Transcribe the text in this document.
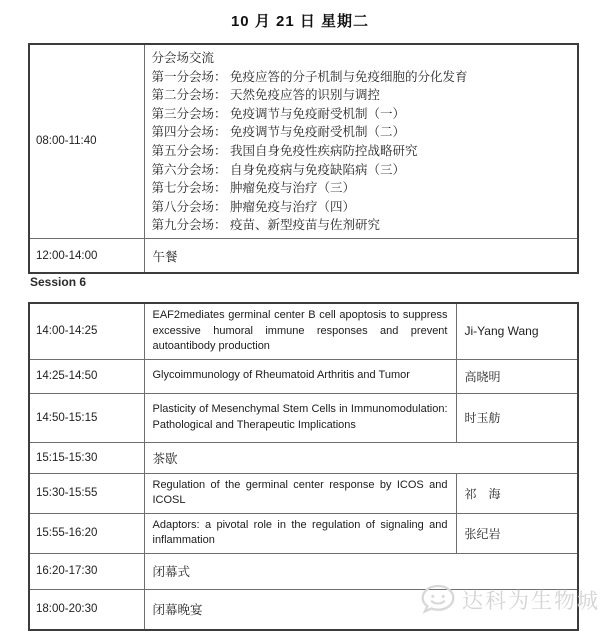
10 月 21 日 星期二
08:00-11:40	
分会场交流
第一分会场： 免疫应答的分子机制与免疫细胞的分化发育
第二分会场： 天然免疫应答的识别与调控
第三分会场： 免疫调节与免疫耐受机制（一）
第四分会场： 免疫调节与免疫耐受机制（二）
第五分会场： 我国自身免疫性疾病防控战略研究
第六分会场： 自身免疫病与免疫缺陷病（三）
第七分会场： 肿瘤免疫与治疗（三）
第八分会场： 肿瘤免疫与治疗（四）
第九分会场： 疫苗、新型疫苗与佐剂研究

12:00-14:00	午餐
Session 6
14:00-14:25	EAF2mediates germinal center B cell apoptosis to suppress excessive humoral immune responses and prevent autoantibody production	Ji-Yang Wang
14:25-14:50	Glycoimmunology of Rheumatoid Arthritis and Tumor	高晓明
14:50-15:15	Plasticity of Mesenchymal Stem Cells in Immunomodulation: Pathological and Therapeutic Implications	时玉舫
15:15-15:30	茶歇	
15:30-15:55	Regulation of the germinal center response by ICOS and ICOSL	祁　海
15:55-16:20	Adaptors: a pivotal role in the regulation of signaling and inflammation	张纪岩
16:20-17:30	闭幕式	
18:00-20:30	闭幕晚宴		达科为生物城
